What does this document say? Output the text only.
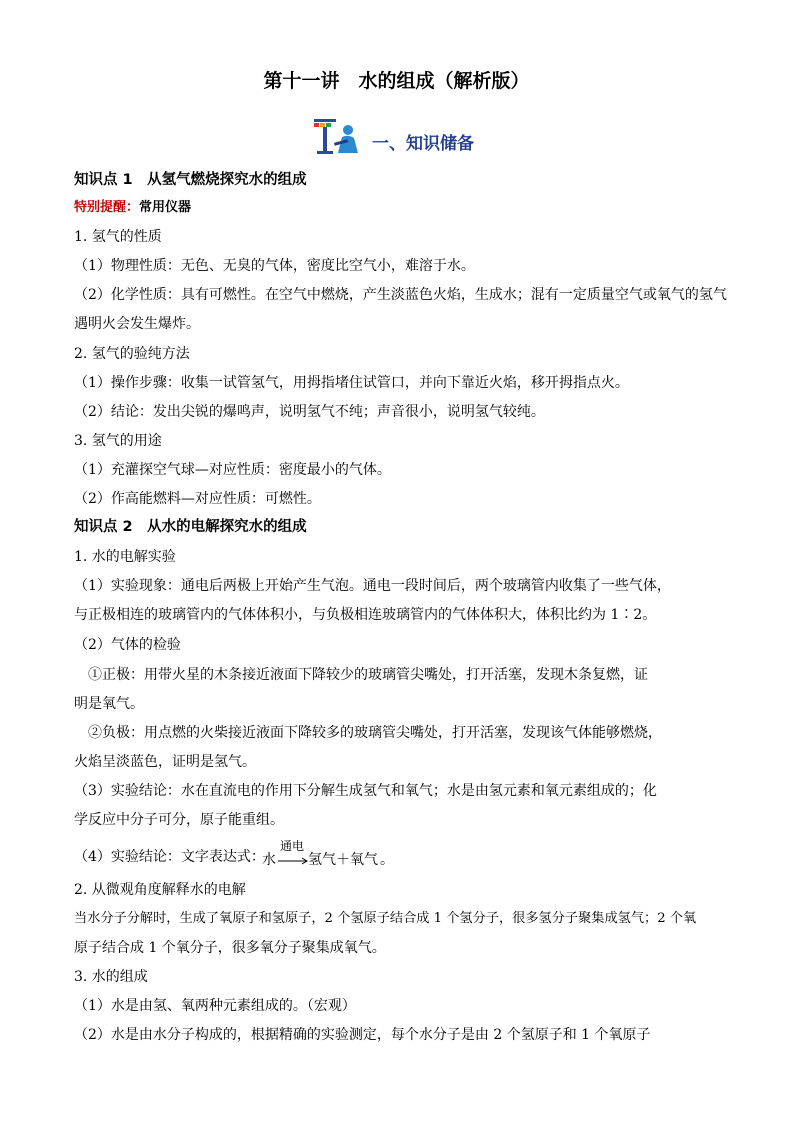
第十一讲　水的组成（解析版）
一、知识储备
知识点 1　从氢气燃烧探究水的组成
特别提醒：常用仪器
1. 氢气的性质
（1）物理性质：无色、无臭的气体，密度比空气小，难溶于水。
（2）化学性质：具有可燃性。在空气中燃烧，产生淡蓝色火焰，生成水；混有一定质量空气或氧气的氢气
遇明火会发生爆炸。
2. 氢气的验纯方法
（1）操作步骤：收集一试管氢气，用拇指堵住试管口，并向下靠近火焰，移开拇指点火。
（2）结论：发出尖锐的爆鸣声，说明氢气不纯；声音很小，说明氢气较纯。
3. 氢气的用途
（1）充灌探空气球—对应性质：密度最小的气体。
（2）作高能燃料—对应性质：可燃性。
知识点 2　从水的电解探究水的组成
1. 水的电解实验
（1）实验现象：通电后两极上开始产生气泡。通电一段时间后，两个玻璃管内收集了一些气体，
与正极相连的玻璃管内的气体体积小，与负极相连玻璃管内的气体体积大，体积比约为 1∶2。
（2）气体的检验
①正极：用带火星的木条接近液面下降较少的玻璃管尖嘴处，打开活塞，发现木条复燃，证
明是氧气。
②负极：用点燃的火柴接近液面下降较多的玻璃管尖嘴处，打开活塞，发现该气体能够燃烧，
火焰呈淡蓝色，证明是氢气。
（3）实验结论：水在直流电的作用下分解生成氢气和氧气；水是由氢元素和氧元素组成的；化
学反应中分子可分，原子能重组。
（4）实验结论：文字表达式：
水
通电
→ 氢气＋氧气 。
2. 从微观角度解释水的电解
当水分子分解时，生成了氧原子和氢原子，2 个氢原子结合成 1 个氢分子，很多氢分子聚集成氢气；2 个氧
原子结合成 1 个氧分子，很多氧分子聚集成氧气。
3. 水的组成
（1）水是由氢、氧两种元素组成的。（宏观）
（2）水是由水分子构成的，根据精确的实验测定，每个水分子是由 2 个氢原子和 1 个氧原子
